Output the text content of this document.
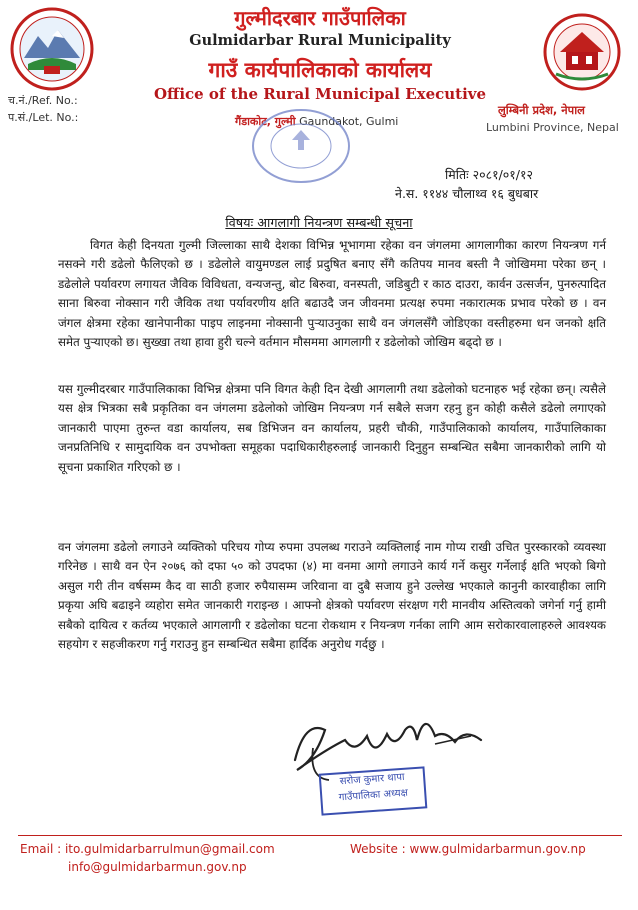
गुल्मीदरबार गाउँपालिका
Gulmidarbar Rural Municipality
गाउँ कार्यपालिकाको कार्यालय
Office of the Rural Municipal Executive
गैंडाकोट, गुल्मी Gaundakot, Gulmi
च.नं./Ref. No.:
प.सं./Let. No.:
लुम्बिनी प्रदेश, नेपाल
Lumbini Province, Nepal
मितिः २०८१/०१/१२
ने.स. ११४४ चौलाथ्व १६ बुधबार
विषयः आगलागी नियन्त्रण सम्बन्धी सूचना

विगत केही दिनयता गुल्मी जिल्लाका साथै देशका विभिन्न भूभागमा रहेका वन जंगलमा आगलागीका कारण नियन्त्रण गर्न नसक्ने गरी डढेलो फैलिएको छ । डढेलोले वायुमण्डल लाई प्रदुषित बनाए सँगै कतिपय मानव बस्ती नै जोखिममा परेका छन् । डढेलोले पर्यावरण लगायत जैविक विविधता, वन्यजन्तु, बोट बिरुवा, वनस्पती, जडिबुटी र काठ दाउरा, कार्वन उत्सर्जन, पुनरुत्पादित साना बिरुवा नोक्सान गरी जैविक तथा पर्यावरणीय क्षति बढाउदै जन जीवनमा प्रत्यक्ष रुपमा नकारात्मक प्रभाव परेको छ । वन जंगल क्षेत्रमा रहेका खानेपानीका पाइप लाइनमा नोक्सानी पुऱ्याउनुका साथै वन जंगलसँगै जोडिएका वस्तीहरुमा धन जनको क्षति समेत पुऱ्याएको छ। सुख्खा तथा हावा हुरी चल्ने वर्तमान मौसममा आगलागी र डढेलोको जोखिम बढ्दो छ ।

यस गुल्मीदरबार गाउँपालिकाका विभिन्न क्षेत्रमा पनि विगत केही दिन देखी आगलागी तथा डढेलोको घटनाहरु भई रहेका छन्। त्यसैले यस क्षेत्र भित्रका सबै प्रकृतिका वन जंगलमा डढेलोको जोखिम नियन्त्रण गर्न सबैले सजग रहनु हुन कोही कसैले डढेलो लगाएको जानकारी पाएमा तुरुन्त वडा कार्यालय, सब डिभिजन वन कार्यालय, प्रहरी चौकी, गाउँपालिकाको कार्यालय, गाउँपालिकाका जनप्रतिनिधि र सामुदायिक वन उपभोक्ता समूहका पदाधिकारीहरुलाई जानकारी दिनुहुन सम्बन्धित सबैमा जानकारीको लागि यो सूचना प्रकाशित गरिएको छ ।

वन जंगलमा डढेलो लगाउने व्यक्तिको परिचय गोप्य रुपमा उपलब्ध गराउने व्यक्तिलाई नाम गोप्य राखी उचित पुरस्कारको व्यवस्था गरिनेछ । साथै वन ऐन २०७६ को दफा ५० को उपदफा (४) मा वनमा आगो लगाउने कार्य गर्ने कसुर गर्नेलाई क्षति भएको बिगो असुल गरी तीन वर्षसम्म कैद वा साठी हजार रुपैयासम्म जरिवाना वा दुबै सजाय हुने उल्लेख भएकाले कानुनी कारवाहीका लागि प्रकृया अघि बढाइने व्यहोरा समेत जानकारी गराइन्छ । आफ्नो क्षेत्रको पर्यावरण संरक्षण गरी मानवीय अस्तित्वको जगेर्ना गर्नु हामी सबैको दायित्व र कर्तव्य भएकाले आगलागी र डढेलोका घटना रोकथाम र नियन्त्रण गर्नका लागि आम सरोकारवालाहरुले आवश्यक सहयोग र सहजीकरण गर्नु गराउनु हुन सम्बन्धित सबैमा हार्दिक अनुरोध गर्दछु ।

सरोज कुमार थापा
गाउँपालिका अध्यक्ष
Email : ito.gulmidarbarrulmun@gmail.com
info@gulmidarbarmun.gov.np
Website : www.gulmidarbarmun.gov.np
